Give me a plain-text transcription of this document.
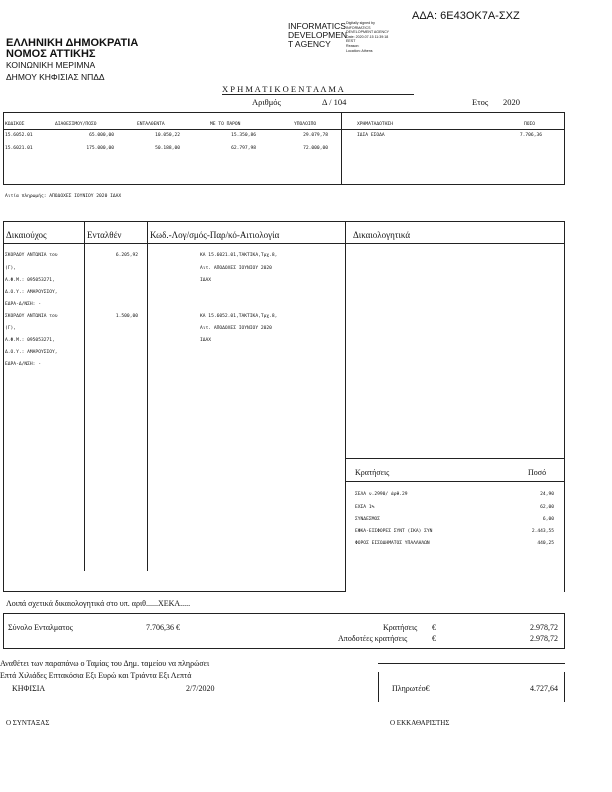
ΑΔΑ: 6Ε43ΟΚ7Α-ΣΧΖ
ΕΛΛΗΝΙΚΗ ΔΗΜΟΚΡΑΤΙΑ
ΝΟΜΟΣ ΑΤΤΙΚΗΣ
ΚΟΙΝΩΝΙΚΗ ΜΕΡΙΜΝΑ
ΔΗΜΟΥ ΚΗΦΙΣΙΑΣ ΝΠΔΔ
INFORMATICS
DEVELOPMEN
T AGENCY
Digitally signed by
INFORMATICS
DEVELOPMENT AGENCY
Date: 2020.07.15 11:39:18
EEST
Reason:
Location: Athens
Χ Ρ Η Μ Α Τ Ι Κ Ο Ε Ν Τ Α Λ Μ Α
Αριθμός	Δ / 104	Ετος 2020
ΚΩΔΙΚΟΣ	ΔΙΑΘΕΣΙΜΟΥ/ΠΟΣΟ	ΕΝΤΑΛΘΕΝΤΑ	ΜΕ ΤΟ ΠΑΡΟΝ	ΥΠΟΛΟΙΠΟ	ΧΡΗΜΑΤΑΔΟΤΗΣΗ	ΠΟΣΟ
15.6052.01	65.000,00	10.050,22	15.350,86	29.079,78
15.6021.01	175.000,00	50.188,00	62.797,98	72.000,00
ΙΔΙΑ ΕΣΟΔΑ	7.706,36
Αιτία πληρωμής: ΑΠΟΔΟΧΕΣ ΙΟΥΝΙΟΥ 2020 ΙΔΑΧ
Δικαιούχος	Ενταλθέν	Κωδ.-Λογ/σμός-Παρ/κό-Αιτιολογία	Δικαιολογητικά
ΣΚΟΡΔΟΥ ΑΝΤΩΝΙΑ του
(Γ),
Α.Φ.Μ.: 095053271,
Δ.Ο.Υ.: ΑΜΑΡΟΥΣΙΟΥ,
ΕΔΡΑ-Δ/ΝΣΗ: -
6.205,92	ΚΑ 15.6021.01,ΤΑΚΤΙΚΑ,Τμχ.8,
Αιτ. ΑΠΟΔΟΧΕΣ ΙΟΥΝΙΟΥ 2020
ΙΔΑΧ
ΣΚΟΡΔΟΥ ΑΝΤΩΝΙΑ του
(Γ),
Α.Φ.Μ.: 095053271,
Δ.Ο.Υ.: ΑΜΑΡΟΥΣΙΟΥ,
ΕΔΡΑ-Δ/ΝΣΗ: -
1.500,00	ΚΑ 15.6052.01,ΤΑΚΤΙΚΑ,Τμχ.8,
Αιτ. ΑΠΟΔΟΧΕΣ ΙΟΥΝΙΟΥ 2020
ΙΔΑΧ
Κρατήσεις	Ποσό
ΣΕΛΑ ν.2990/ άρθ.29	24,90
ΕΧΣΑ 1%	62,00
ΣΥΝΔΕΣΜΟΣ	6,00
ΕΦΚΑ-ΕΙΣΦΟΡΕΣ ΣΥΝΤ (ΙΚΑ) ΣΥΝ	2.443,55
ΦΟΡΟΣ ΕΙΣΟΔΗΜΑΤΟΣ ΥΠΑΛΛΗΛΩΝ	440,25
Λοιπά σχετικά δικαιολογητικά στο υπ. αριθ......ΧΕΚΑ.....
Σύνολο Ενταλματος	7.706,36 €	Κρατήσεις €	2.978,72
Αποδοτέες κρατήσεις	€	2.978,72
Αναθέτει των παραπάνω ο Ταμίας του Δημ. ταμείου να πληρώσει
Επτά Χιλιάδες Επτακόσια Εξι Ευρώ και Τριάντα Εξι Λεπτά
ΚΗΦΙΣΙΑ	2/7/2020	Πληρωτέο€	4.727,64
Ο ΣΥΝΤΑΞΑΣ	Ο ΕΚΚΑΘΑΡΙΣΤΗΣ
